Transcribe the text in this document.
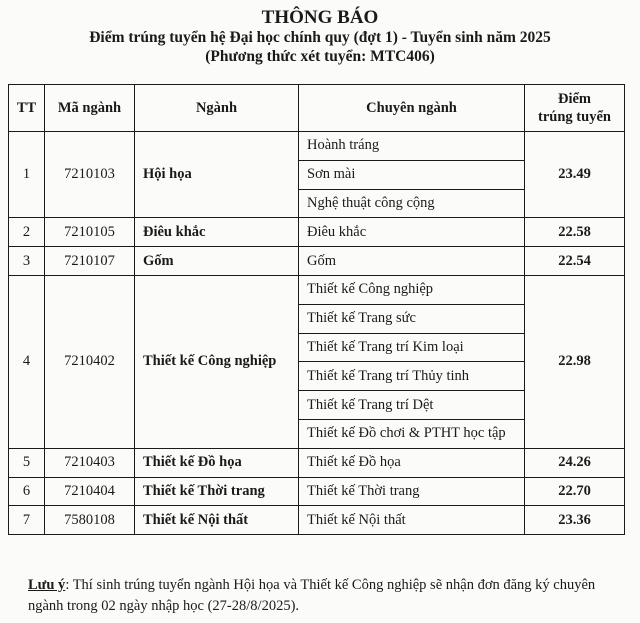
THÔNG BÁO
Điểm trúng tuyển hệ Đại học chính quy (đợt 1) - Tuyển sinh năm 2025
(Phương thức xét tuyển: MTC406)
TT	Mã ngành	Ngành	Chuyên ngành	Điểm
trúng tuyển
1	7210103	Hội họa	Hoành tráng	23.49
			Sơn mài	
			Nghệ thuật công cộng	
2	7210105	Điêu khắc	Điêu khắc	22.58
3	7210107	Gốm	Gốm	22.54
4	7210402	Thiết kế Công nghiệp	Thiết kế Công nghiệp	22.98
			Thiết kế Trang sức	
			Thiết kế Trang trí Kim loại	
			Thiết kế Trang trí Thủy tinh	
			Thiết kế Trang trí Dệt	
			Thiết kế Đồ chơi & PTHT học tập	
5	7210403	Thiết kế Đồ họa	Thiết kế Đồ họa	24.26
6	7210404	Thiết kế Thời trang	Thiết kế Thời trang	22.70
7	7580108	Thiết kế Nội thất	Thiết kế Nội thất	23.36
Lưu ý: Thí sinh trúng tuyển ngành Hội họa và Thiết kế Công nghiệp sẽ nhận đơn đăng ký chuyên ngành trong 02 ngày nhập học (27-28/8/2025).
